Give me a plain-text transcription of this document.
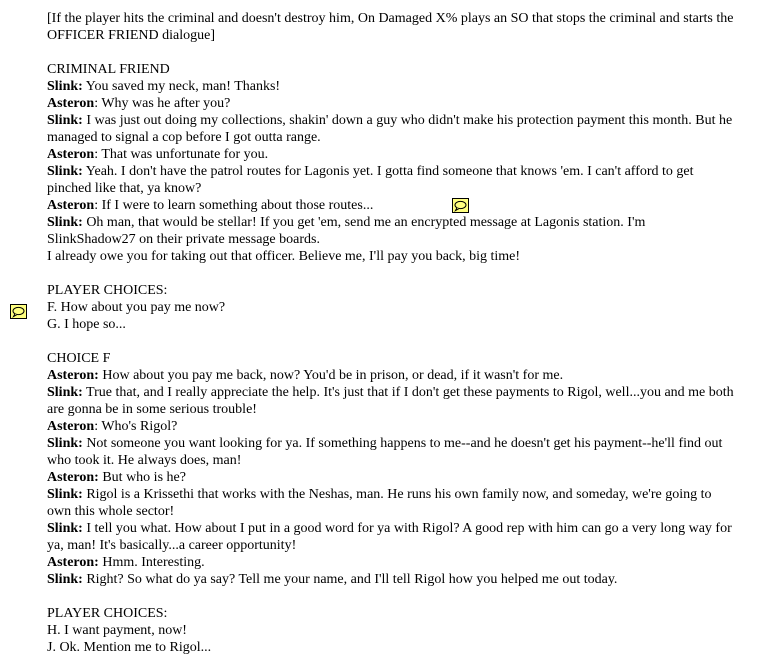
[If the player hits the criminal and doesn't destroy him, On Damaged X% plays an SO that stops the criminal and starts the OFFICER FRIEND dialogue]

CRIMINAL FRIEND

Slink: You saved my neck, man! Thanks!

Asteron: Why was he after you?

Slink: I was just out doing my collections, shakin' down a guy who didn't make his protection payment this month. But he managed to signal a cop before I got outta range.

Asteron: That was unfortunate for you.

Slink: Yeah. I don't have the patrol routes for Lagonis yet. I gotta find someone that knows 'em. I can't afford to get pinched like that, ya know?

Asteron: If I were to learn something about those routes...

Slink: Oh man, that would be stellar! If you get 'em, send me an encrypted message at Lagonis station. I'm SlinkShadow27 on their private message boards.

I already owe you for taking out that officer. Believe me, I'll pay you back, big time!

PLAYER CHOICES:

F. How about you pay me now?

G. I hope so...

CHOICE F

Asteron: How about you pay me back, now? You'd be in prison, or dead, if it wasn't for me.

Slink: True that, and I really appreciate the help. It's just that if I don't get these payments to Rigol, well...you and me both are gonna be in some serious trouble!

Asteron: Who's Rigol?

Slink: Not someone you want looking for ya. If something happens to me--and he doesn't get his payment--he'll find out who took it. He always does, man!

Asteron: But who is he?

Slink: Rigol is a Krissethi that works with the Neshas, man. He runs his own family now, and someday, we're going to own this whole sector!

Slink: I tell you what. How about I put in a good word for ya with Rigol? A good rep with him can go a very long way for ya, man! It's basically...a career opportunity!

Asteron: Hmm. Interesting.

Slink: Right? So what do ya say? Tell me your name, and I'll tell Rigol how you helped me out today.

PLAYER CHOICES:

H. I want payment, now!

J. Ok. Mention me to Rigol...
